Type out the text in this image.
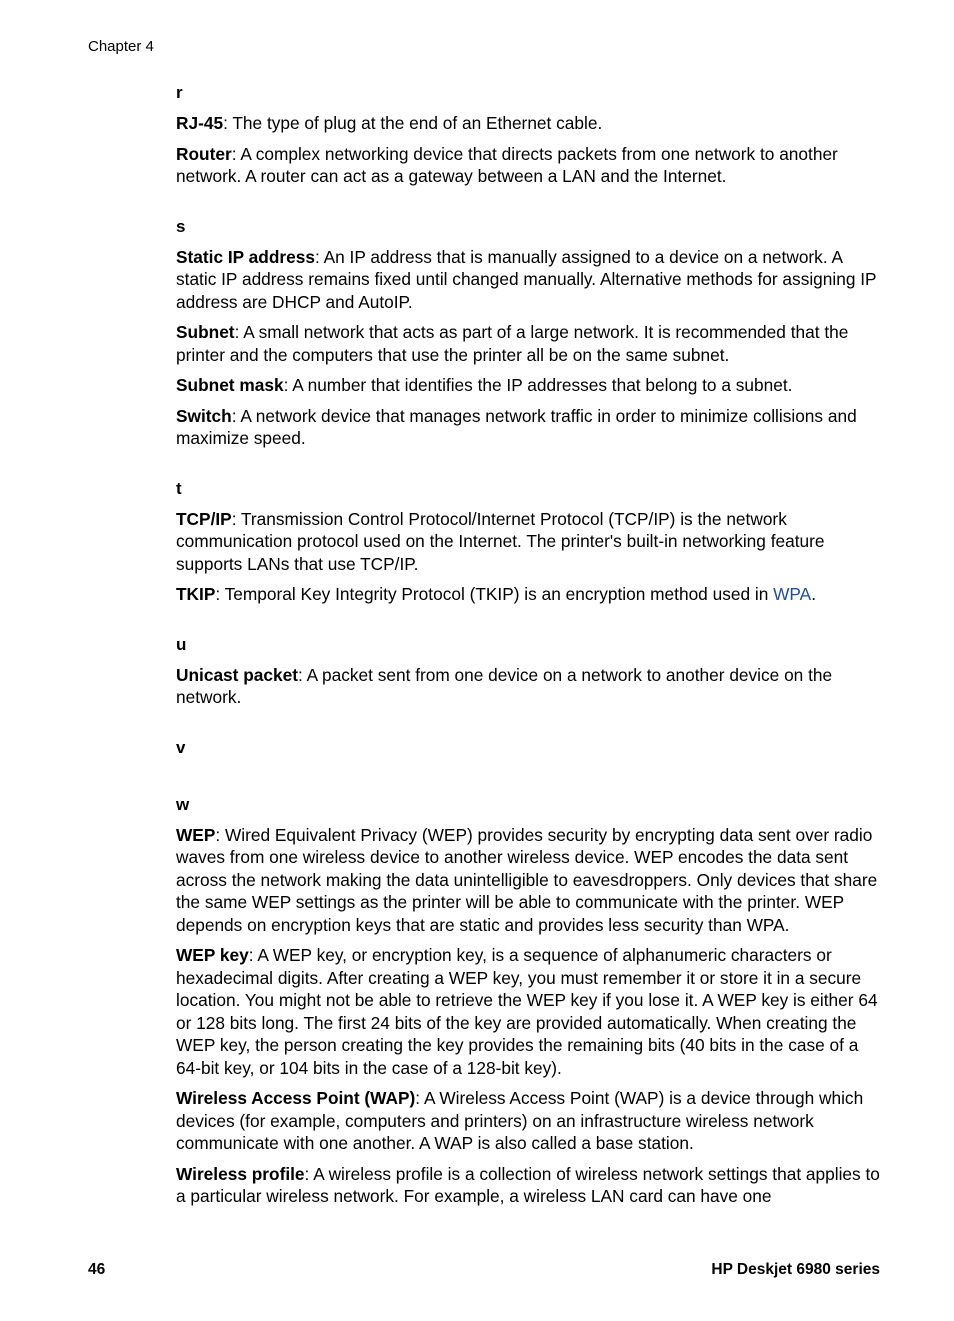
Chapter 4
r

RJ-45: The type of plug at the end of an Ethernet cable.

Router: A complex networking device that directs packets from one network to another network. A router can act as a gateway between a LAN and the Internet.

s

Static IP address: An IP address that is manually assigned to a device on a network. A static IP address remains fixed until changed manually. Alternative methods for assigning IP address are DHCP and AutoIP.

Subnet: A small network that acts as part of a large network. It is recommended that the printer and the computers that use the printer all be on the same subnet.

Subnet mask: A number that identifies the IP addresses that belong to a subnet.

Switch: A network device that manages network traffic in order to minimize collisions and maximize speed.

t

TCP/IP: Transmission Control Protocol/Internet Protocol (TCP/IP) is the network communication protocol used on the Internet. The printer's built-in networking feature supports LANs that use TCP/IP.

TKIP: Temporal Key Integrity Protocol (TKIP) is an encryption method used in WPA.

u

Unicast packet: A packet sent from one device on a network to another device on the network.

v
w

WEP: Wired Equivalent Privacy (WEP) provides security by encrypting data sent over radio waves from one wireless device to another wireless device. WEP encodes the data sent across the network making the data unintelligible to eavesdroppers. Only devices that share the same WEP settings as the printer will be able to communicate with the printer. WEP depends on encryption keys that are static and provides less security than WPA.

WEP key: A WEP key, or encryption key, is a sequence of alphanumeric characters or hexadecimal digits. After creating a WEP key, you must remember it or store it in a secure location. You might not be able to retrieve the WEP key if you lose it. A WEP key is either 64 or 128 bits long. The first 24 bits of the key are provided automatically. When creating the WEP key, the person creating the key provides the remaining bits (40 bits in the case of a 64-bit key, or 104 bits in the case of a 128-bit key).

Wireless Access Point (WAP): A Wireless Access Point (WAP) is a device through which devices (for example, computers and printers) on an infrastructure wireless network communicate with one another. A WAP is also called a base station.

Wireless profile: A wireless profile is a collection of wireless network settings that applies to a particular wireless network. For example, a wireless LAN card can have one

46	HP Deskjet 6980 series
